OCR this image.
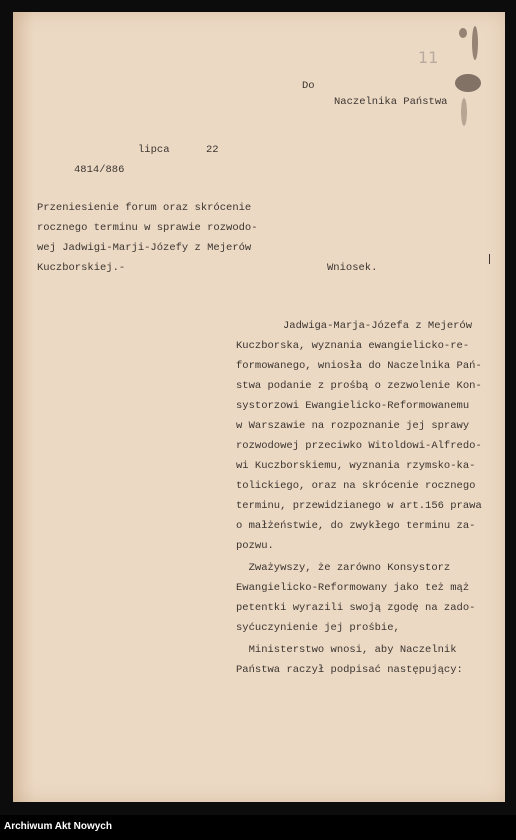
11
Do
Naczelnika Państwa
lipca	22
4814/886
Przeniesienie forum oraz skrócenie
rocznego terminu w sprawie rozwodo-
wej Jadwigi-Marji-Józefy z Mejerów
Kuczborskiej.-	Wniosek.
Jadwiga-Marja-Józefa z Mejerów
Kuczborska, wyznania ewangielicko-re-
formowanego, wniosła do Naczelnika Pań-
stwa podanie z prośbą o zezwolenie Kon-
systorzowi Ewangielicko-Reformowanemu
w Warszawie na rozpoznanie jej sprawy
rozwodowej przeciwko Witoldowi-Alfredo-
wi Kuczborskiemu, wyznania rzymsko-ka-
tolickiego, oraz na skrócenie rocznego
terminu, przewidzianego w art.156 prawa
o małżeństwie, do zwykłego terminu za-
pozwu.
Zważywszy, że zarówno Konsystorz
Ewangielicko-Reformowany jako też mąż
petentki wyrazili swoją zgodę na zado-
syćuczynienie jej prośbie,
Ministerstwo wnosi, aby Naczelnik
Państwa raczył podpisać następujący:
Archiwum Akt Nowych
